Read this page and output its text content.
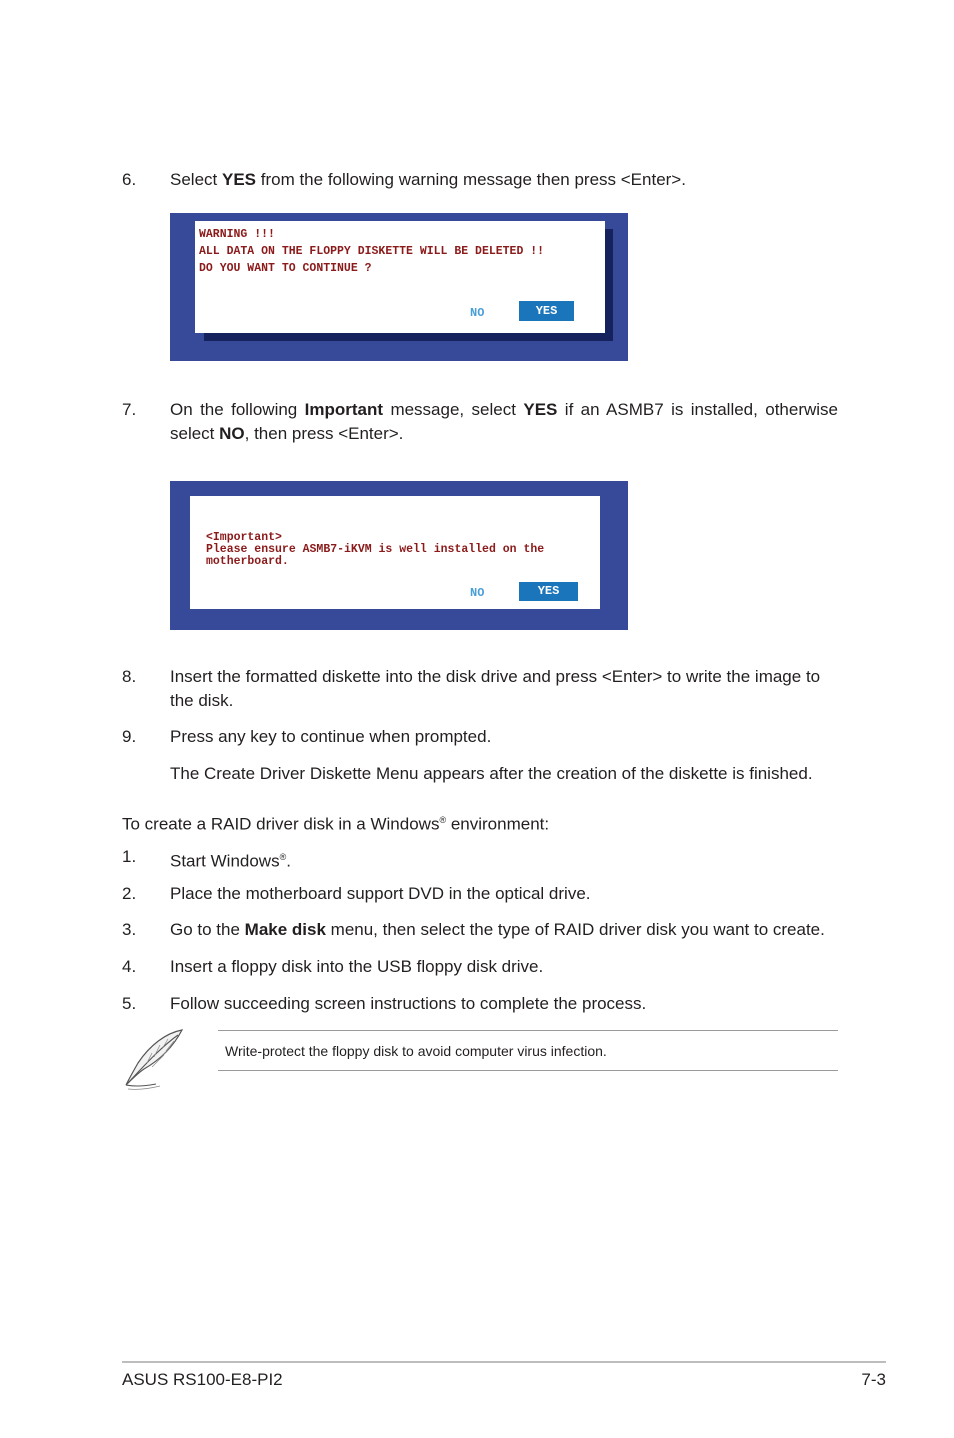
6. Select YES from the following warning message then press <Enter>.
WARNING !!!
ALL DATA ON THE FLOPPY DISKETTE WILL BE DELETED !!
DO YOU WANT TO CONTINUE ?
NO	YES
7. On the following Important message, select YES if an ASMB7 is installed, otherwise select NO, then press <Enter>.
<Important>
Please ensure ASMB7-iKVM is well installed on the
motherboard.
NO	YES
8. Insert the formatted diskette into the disk drive and press <Enter> to write the image to the disk.
9. Press any key to continue when prompted.
The Create Driver Diskette Menu appears after the creation of the diskette is finished.
To create a RAID driver disk in a Windows® environment:
1. Start Windows®.
2. Place the motherboard support DVD in the optical drive.
3. Go to the Make disk menu, then select the type of RAID driver disk you want to create.
4. Insert a floppy disk into the USB floppy disk drive.
5. Follow succeeding screen instructions to complete the process.
Write-protect the floppy disk to avoid computer virus infection.
ASUS RS100-E8-PI2	7-3
